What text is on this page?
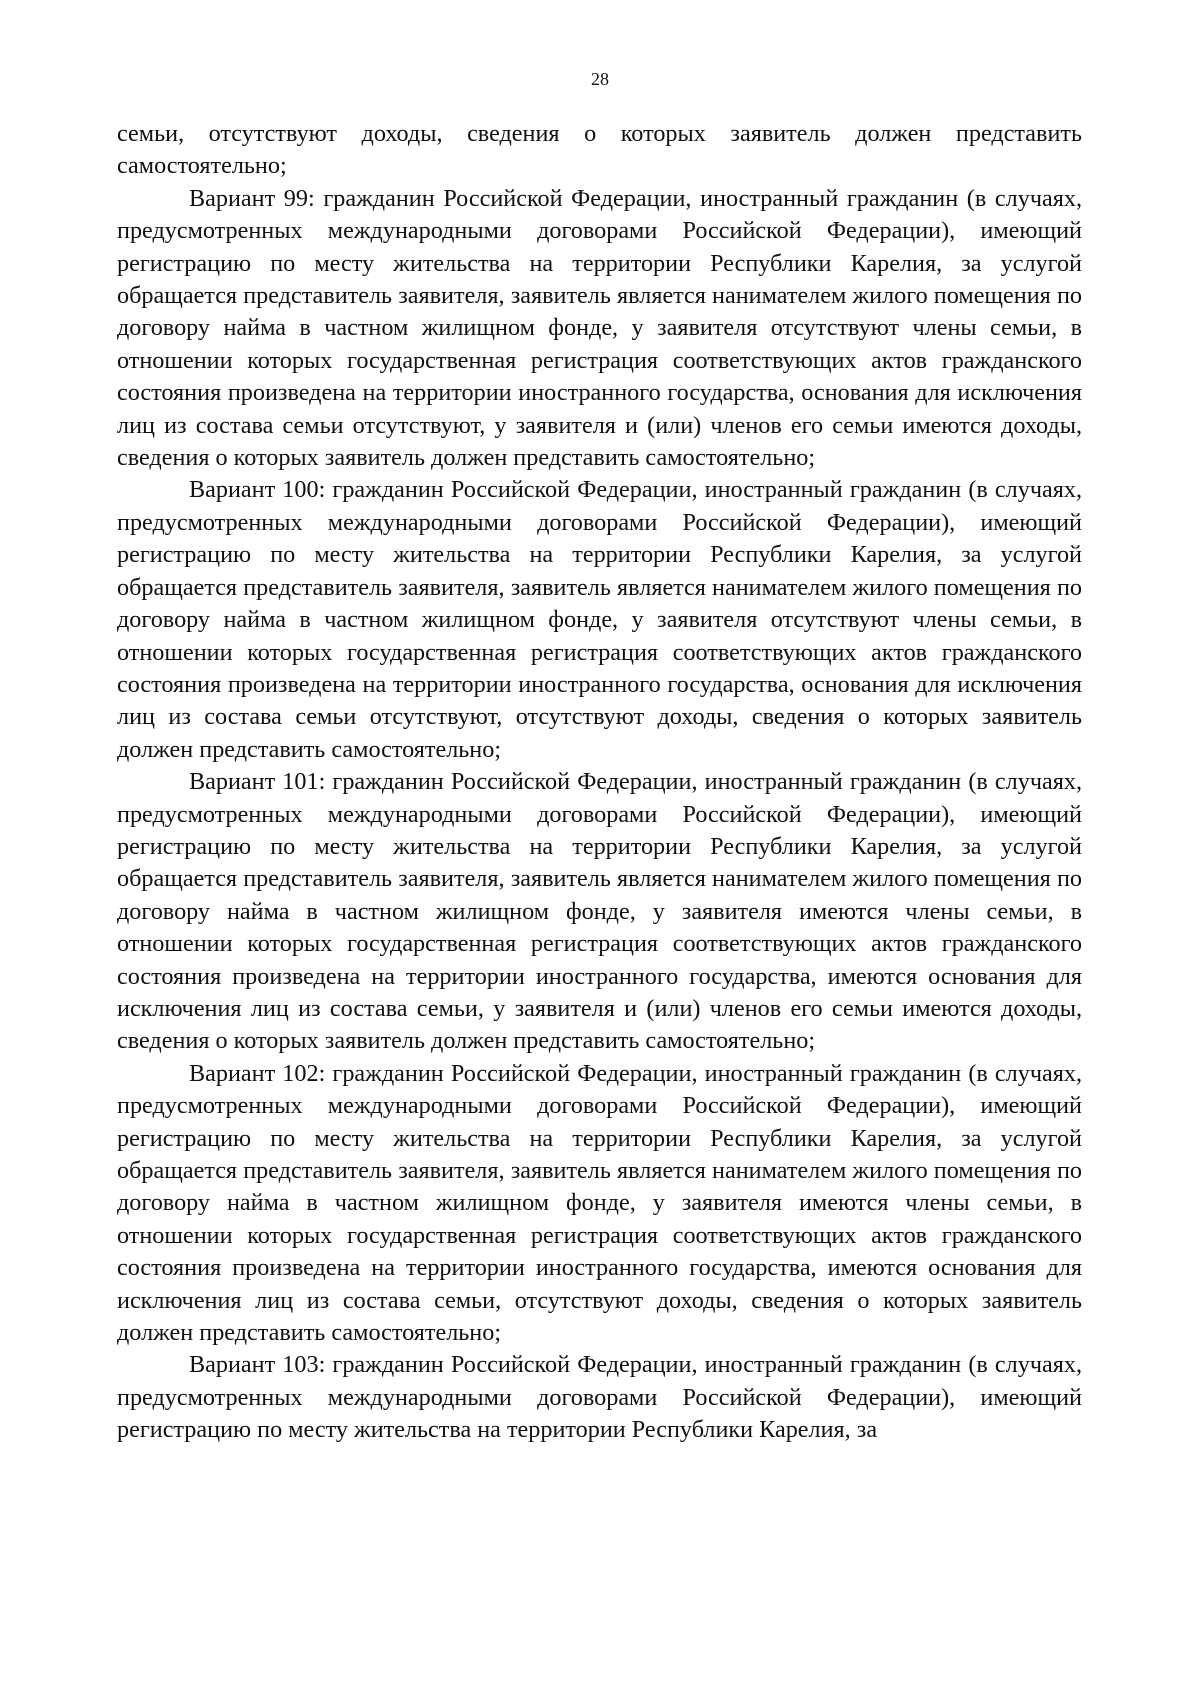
28

семьи, отсутствуют доходы, сведения о которых заявитель должен представить самостоятельно;

Вариант 99: гражданин Российской Федерации, иностранный гражданин (в случаях, предусмотренных международными договорами Российской Федерации), имеющий регистрацию по месту жительства на территории Республики Карелия, за услугой обращается представитель заявителя, заявитель является нанимателем жилого помещения по договору найма в частном жилищном фонде, у заявителя отсутствуют члены семьи, в отношении которых государственная регистрация соответствующих актов гражданского состояния произведена на территории иностранного государства, основания для исключения лиц из состава семьи отсутствуют, у заявителя и (или) членов его семьи имеются доходы, сведения о которых заявитель должен представить самостоятельно;

Вариант 100: гражданин Российской Федерации, иностранный гражданин (в случаях, предусмотренных международными договорами Российской Федерации), имеющий регистрацию по месту жительства на территории Республики Карелия, за услугой обращается представитель заявителя, заявитель является нанимателем жилого помещения по договору найма в частном жилищном фонде, у заявителя отсутствуют члены семьи, в отношении которых государственная регистрация соответствующих актов гражданского состояния произведена на территории иностранного государства, основания для исключения лиц из состава семьи отсутствуют, отсутствуют доходы, сведения о которых заявитель должен представить самостоятельно;

Вариант 101: гражданин Российской Федерации, иностранный гражданин (в случаях, предусмотренных международными договорами Российской Федерации), имеющий регистрацию по месту жительства на территории Республики Карелия, за услугой обращается представитель заявителя, заявитель является нанимателем жилого помещения по договору найма в частном жилищном фонде, у заявителя имеются члены семьи, в отношении которых государственная регистрация соответствующих актов гражданского состояния произведена на территории иностранного государства, имеются основания для исключения лиц из состава семьи, у заявителя и (или) членов его семьи имеются доходы, сведения о которых заявитель должен представить самостоятельно;

Вариант 102: гражданин Российской Федерации, иностранный гражданин (в случаях, предусмотренных международными договорами Российской Федерации), имеющий регистрацию по месту жительства на территории Республики Карелия, за услугой обращается представитель заявителя, заявитель является нанимателем жилого помещения по договору найма в частном жилищном фонде, у заявителя имеются члены семьи, в отношении которых государственная регистрация соответствующих актов гражданского состояния произведена на территории иностранного государства, имеются основания для исключения лиц из состава семьи, отсутствуют доходы, сведения о которых заявитель должен представить самостоятельно;

Вариант 103: гражданин Российской Федерации, иностранный гражданин (в случаях, предусмотренных международными договорами Российской Федерации), имеющий регистрацию по месту жительства на территории Республики Карелия, за
